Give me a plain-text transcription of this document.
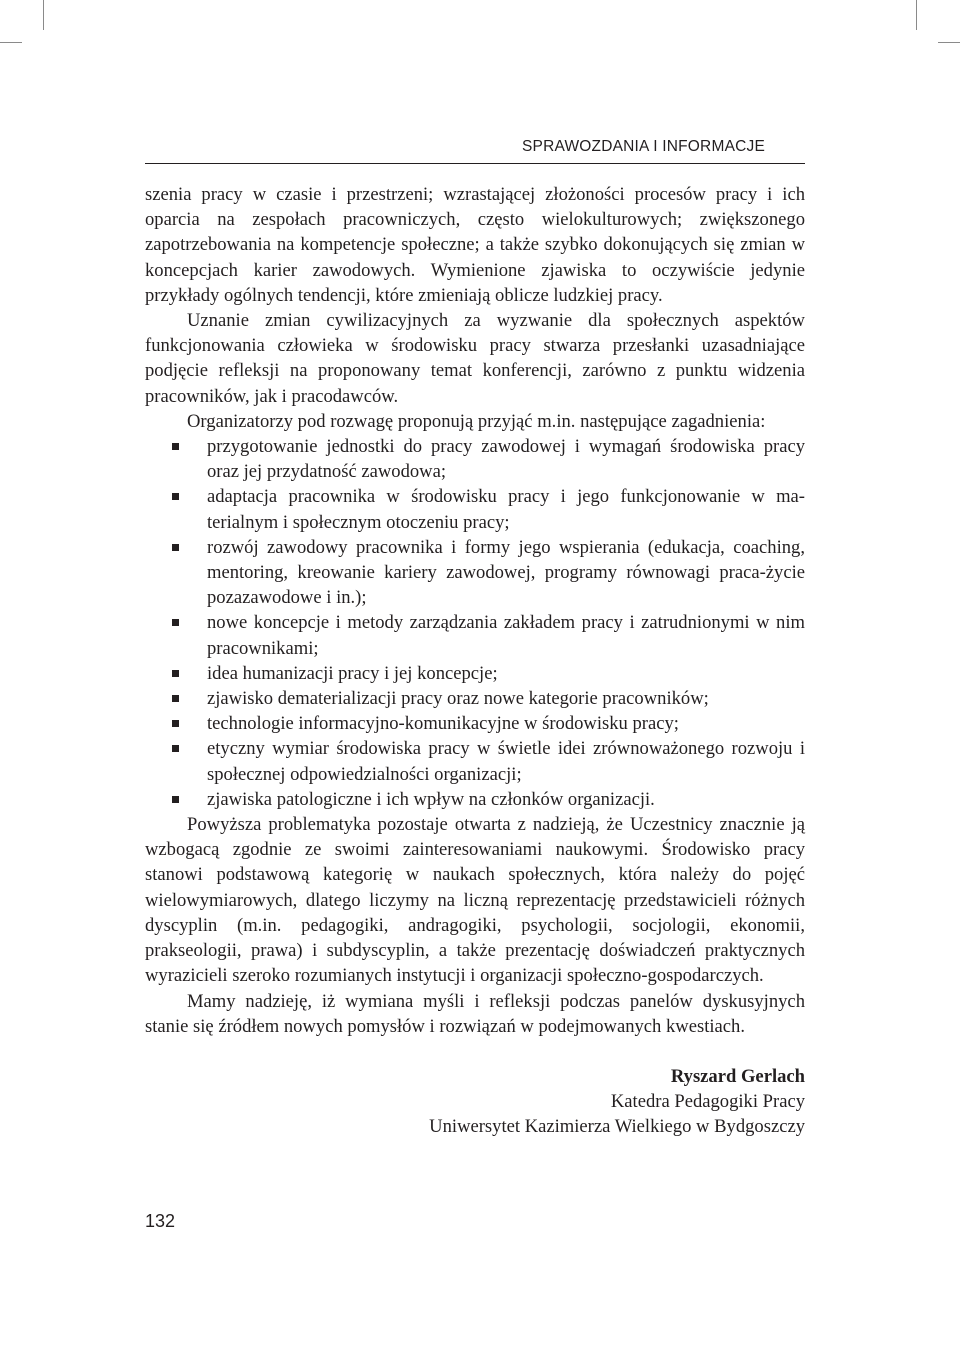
SPRAWOZDANIA I INFORMACJE

szenia pracy w czasie i przestrzeni; wzrastającej złożoności procesów pracy i ich oparcia na zespołach pracowniczych, często wielokulturowych; zwiększonego zapotrzebowania na kompetencje społeczne; a także szybko dokonujących się zmian w koncepcjach karier zawodowych. Wymienione zjawiska to oczywiście jedynie przykłady ogólnych tendencji, które zmieniają oblicze ludzkiej pracy.

Uznanie zmian cywilizacyjnych za wyzwanie dla społecznych aspektów funkcjonowania człowieka w środowisku pracy stwarza przesłanki uzasadniające podjęcie refleksji na proponowany temat konferencji, zarówno z punktu widzenia pracowników, jak i pracodawców.

Organizatorzy pod rozwagę proponują przyjąć m.in. następujące zagadnienia:

przygotowanie jednostki do pracy zawodowej i wymagań środowiska pracy oraz jej przydatność zawodowa;
adaptacja pracownika w środowisku pracy i jego funkcjonowanie w materialnym i społecznym otoczeniu pracy;
rozwój zawodowy pracownika i formy jego wspierania (edukacja, coaching, mentoring, kreowanie kariery zawodowej, programy równowagi praca-życie pozazawodowe i in.);
nowe koncepcje i metody zarządzania zakładem pracy i zatrudnionymi w nim pracownikami;
idea humanizacji pracy i jej koncepcje;
zjawisko dematerializacji pracy oraz nowe kategorie pracowników;
technologie informacyjno-komunikacyjne w środowisku pracy;
etyczny wymiar środowiska pracy w świetle idei zrównoważonego rozwoju i społecznej odpowiedzialności organizacji;
zjawiska patologiczne i ich wpływ na członków organizacji.

Powyższa problematyka pozostaje otwarta z nadzieją, że Uczestnicy znacznie ją wzbogacą zgodnie ze swoimi zainteresowaniami naukowymi. Środowisko pracy stanowi podstawową kategorię w naukach społecznych, która należy do pojęć wielowymiarowych, dlatego liczymy na liczną reprezentację przedstawicieli różnych dyscyplin (m.in. pedagogiki, andragogiki, psychologii, socjologii, ekonomii, prakseologii, prawa) i subdyscyplin, a także prezentację doświadczeń praktycznych wyrazicieli szeroko rozumianych instytucji i organizacji społeczno-gospodarczych.

Mamy nadzieję, iż wymiana myśli i refleksji podczas panelów dyskusyjnych stanie się źródłem nowych pomysłów i rozwiązań w podejmowanych kwestiach.

Ryszard Gerlach
Katedra Pedagogiki Pracy
Uniwersytet Kazimierza Wielkiego w Bydgoszczy
132
